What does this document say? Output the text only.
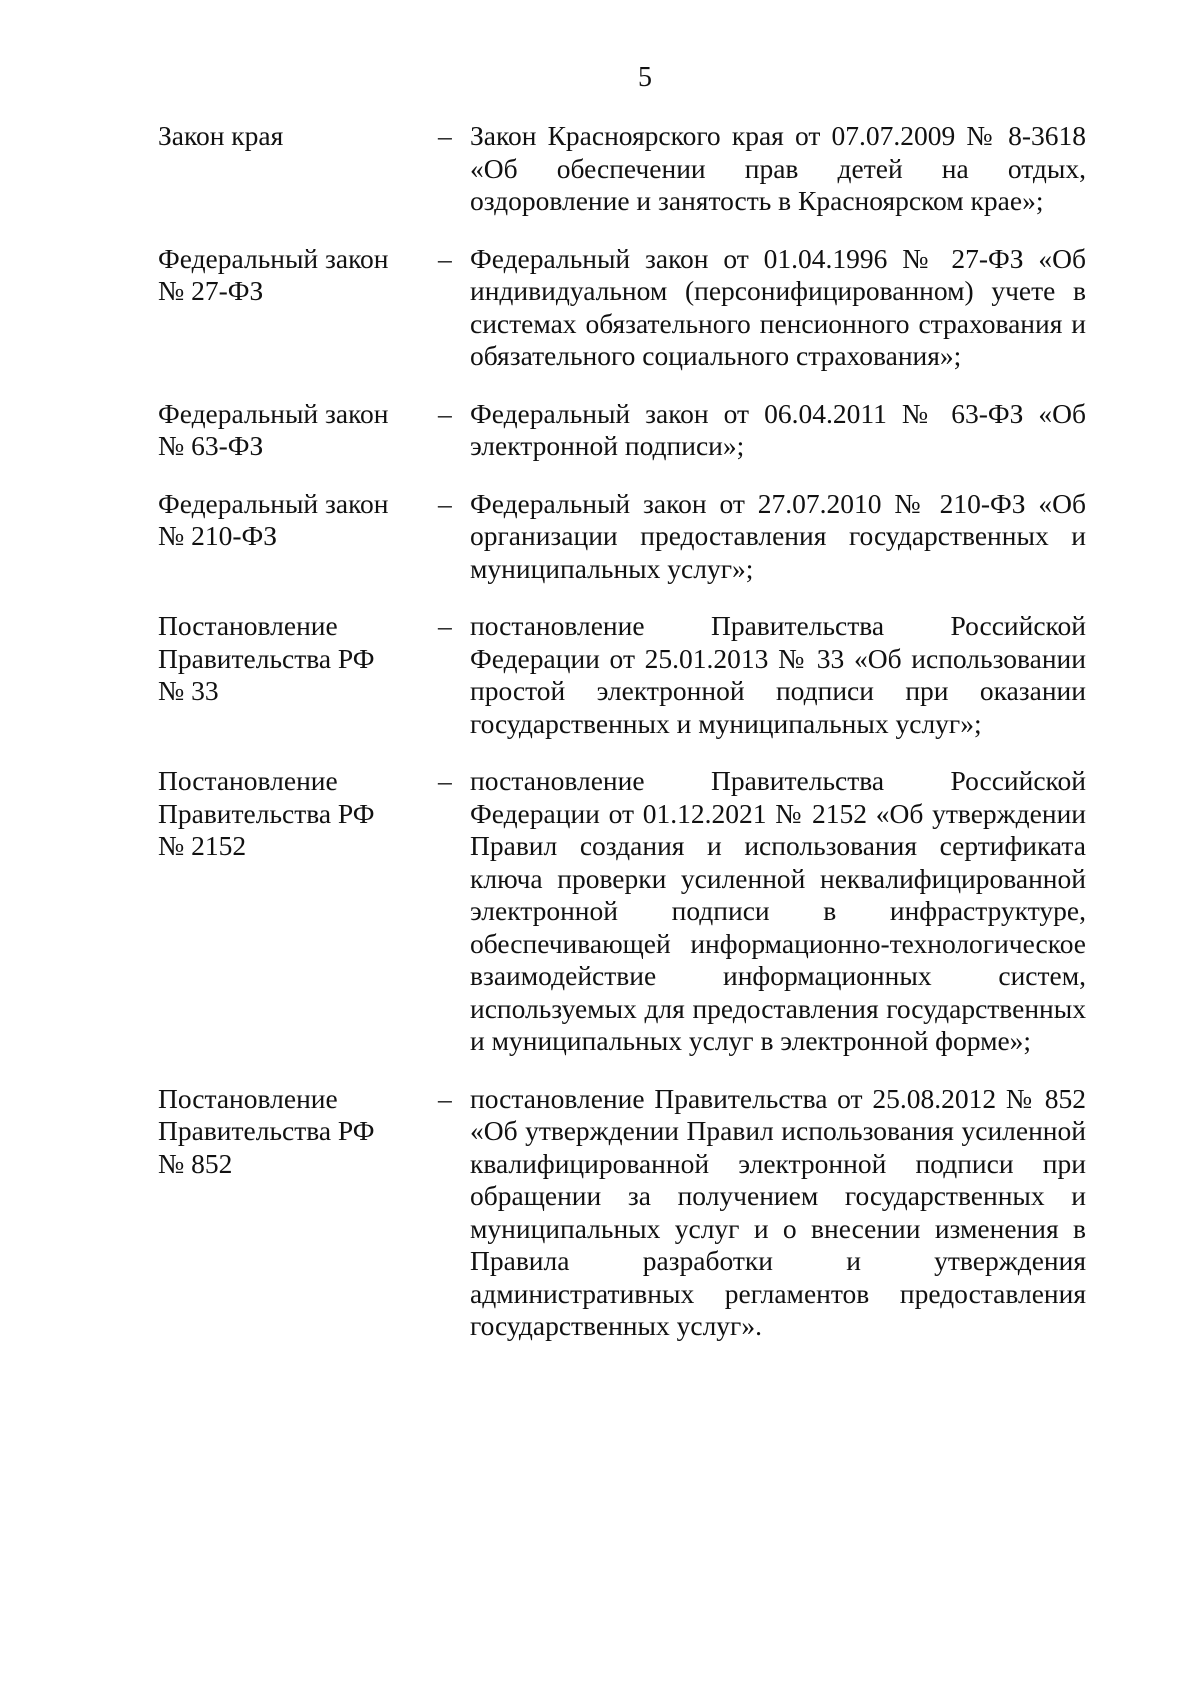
5
Закон края	– Закон Красноярского края от 07.07.2009 № 8-3618 «Об обеспечении прав детей на отдых, оздоровление и занятость в Красноярском крае»;
Федеральный закон
№ 27-ФЗ
– Федеральный закон от 01.04.1996 № 27-ФЗ «Об индивидуальном (персонифицированном) учете в системах обязательного пенсионного страхования и обязательного социального страхования»;
Федеральный закон
№ 63-ФЗ
– Федеральный закон от 06.04.2011 № 63-ФЗ «Об электронной подписи»;
Федеральный закон
№ 210-ФЗ
– Федеральный закон от 27.07.2010 № 210-ФЗ «Об организации предоставления государственных и муниципальных услуг»;
Постановление
Правительства РФ
№ 33
– постановление Правительства Российской Федерации от 25.01.2013 № 33 «Об использовании простой электронной подписи при оказании государственных и муниципальных услуг»;
Постановление
Правительства РФ
№ 2152
– постановление Правительства Российской Федерации от 01.12.2021 № 2152 «Об утверждении Правил создания и использования сертификата ключа проверки усиленной неквалифицированной электронной подписи в инфраструктуре, обеспечивающей информационно-технологическое взаимодействие информационных систем, используемых для предоставления государственных и муниципальных услуг в электронной форме»;
Постановление
Правительства РФ
№ 852
– постановление Правительства от 25.08.2012 № 852 «Об утверждении Правил использования усиленной квалифицированной электронной подписи при обращении за получением государственных и муниципальных услуг и о внесении изменения в Правила разработки и утверждения административных регламентов предоставления государственных услуг».
